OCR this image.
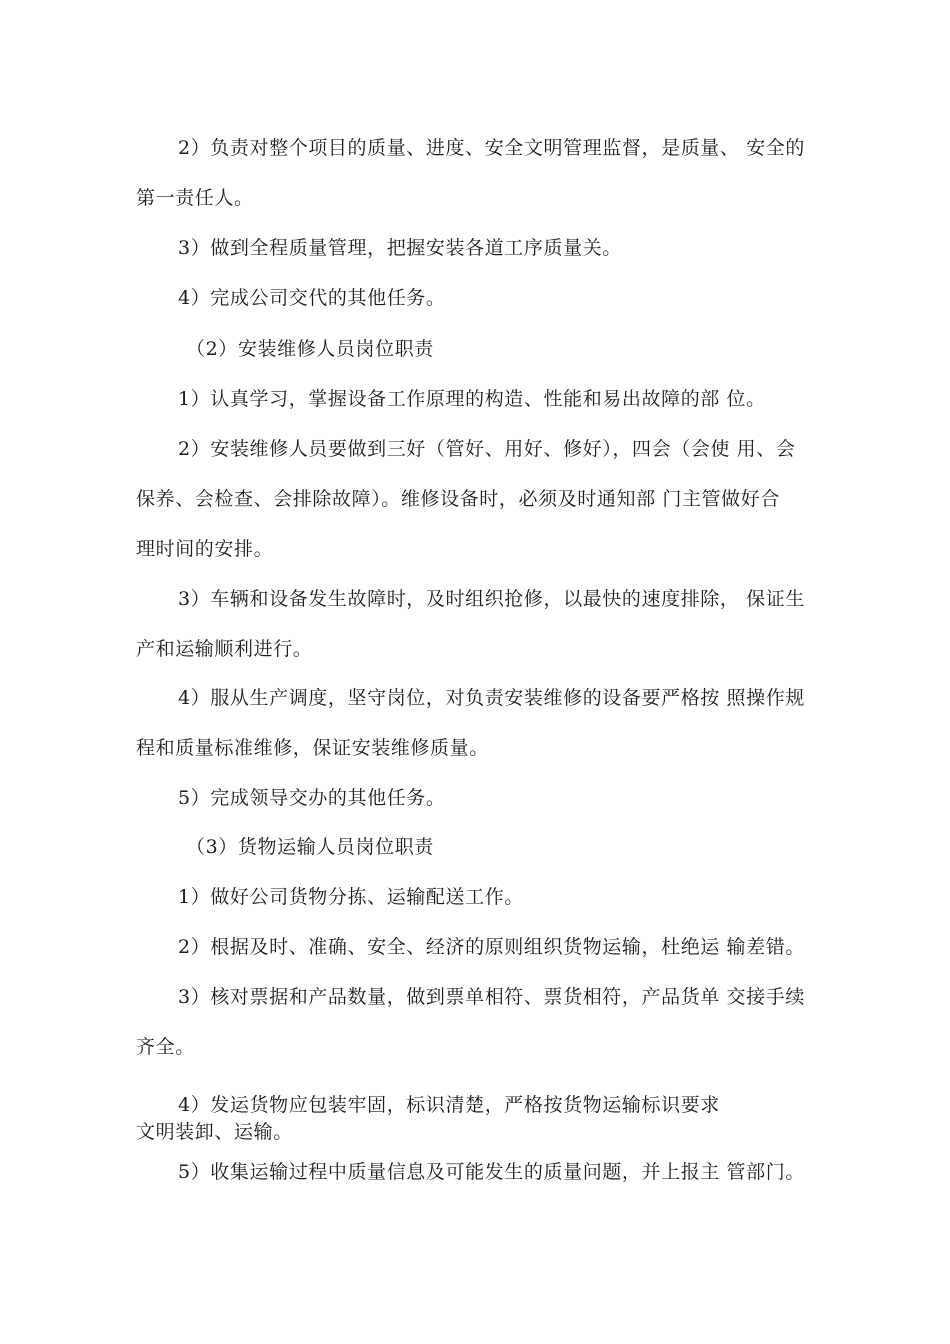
2）负责对整个项目的质量、进度、安全文明管理监督，是质量、 安全的
第一责任人。
3）做到全程质量管理，把握安装各道工序质量关。
4）完成公司交代的其他任务。
（2）安装维修人员岗位职责
1）认真学习，掌握设备工作原理的构造、性能和易出故障的部 位。
2）安装维修人员要做到三好（管好、用好、修好），四会（会使 用、会
保养、会检查、会排除故障）。维修设备时，必须及时通知部 门主管做好合
理时间的安排。
3）车辆和设备发生故障时，及时组织抢修，以最快的速度排除， 保证生
产和运输顺利进行。
4）服从生产调度，坚守岗位，对负责安装维修的设备要严格按 照操作规
程和质量标准维修，保证安装维修质量。
5）完成领导交办的其他任务。
（3）货物运输人员岗位职责
1）做好公司货物分拣、运输配送工作。
2）根据及时、准确、安全、经济的原则组织货物运输，杜绝运 输差错。
3）核对票据和产品数量，做到票单相符、票货相符，产品货单 交接手续
齐全。
4）发运货物应包装牢固，标识清楚，严格按货物运输标识要求
文明装卸、运输。
5）收集运输过程中质量信息及可能发生的质量问题，并上报主 管部门。
